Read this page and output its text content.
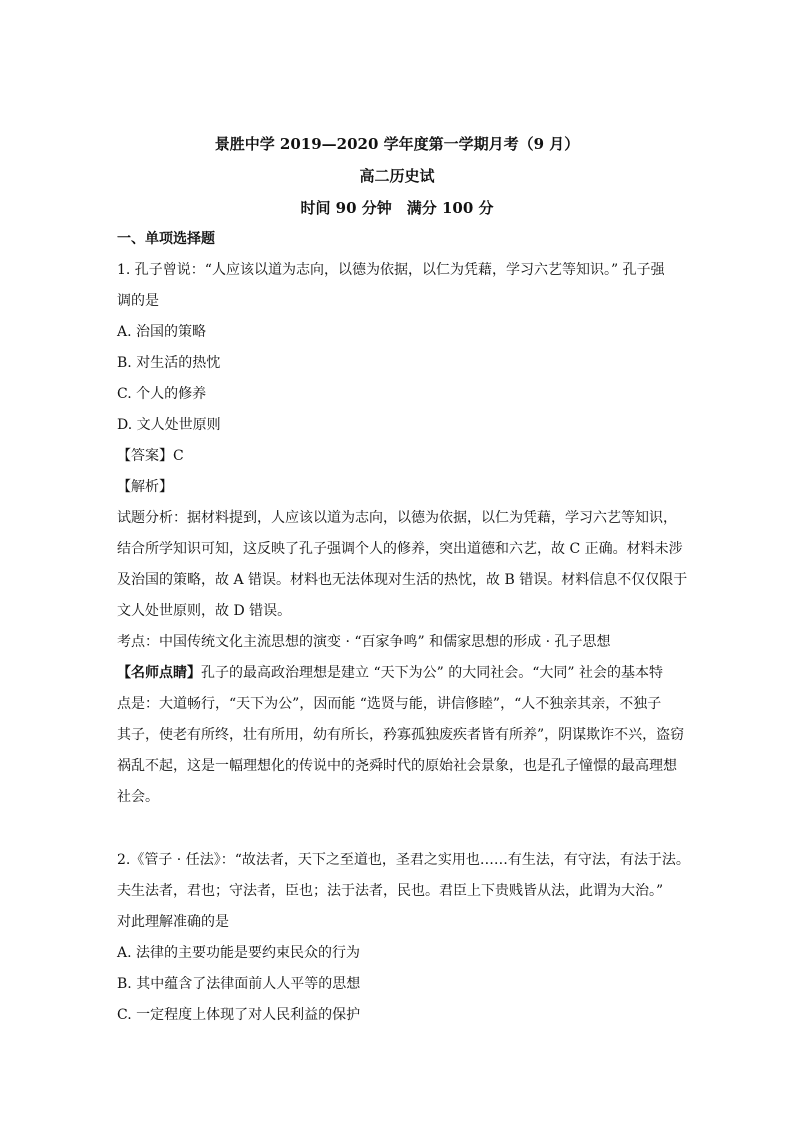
景胜中学 2019—2020 学年度第一学期月考（9 月）
高二历史试
时间 90 分钟　满分 100 分
一、单项选择题
1. 孔子曾说：“人应该以道为志向，以德为依据，以仁为凭藉，学习六艺等知识。” 孔子强
调的是
A. 治国的策略
B. 对生活的热忱
C. 个人的修养
D. 文人处世原则
【答案】C
【解析】
试题分析：据材料提到，人应该以道为志向，以德为依据，以仁为凭藉，学习六艺等知识，
结合所学知识可知，这反映了孔子强调个人的修养，突出道德和六艺，故 C 正确。材料未涉
及治国的策略，故 A 错误。材料也无法体现对生活的热忱，故 B 错误。材料信息不仅仅限于
文人处世原则，故 D 错误。
考点：中国传统文化主流思想的演变 · “百家争鸣” 和儒家思想的形成 · 孔子思想
【名师点睛】孔子的最高政治理想是建立 “天下为公” 的大同社会。“大同” 社会的基本特
点是：大道畅行，“天下为公”，因而能 “选贤与能，讲信修睦”，“人不独亲其亲，不独子
其子，使老有所终，壮有所用，幼有所长，矜寡孤独废疾者皆有所养”，阴谋欺诈不兴，盗窃
祸乱不起，这是一幅理想化的传说中的尧舜时代的原始社会景象，也是孔子憧憬的最高理想
社会。
2.《管子 · 任法》：“故法者，天下之至道也，圣君之实用也……有生法，有守法，有法于法。
夫生法者，君也；守法者，臣也；法于法者，民也。君臣上下贵贱皆从法，此谓为大治。”
对此理解准确的是
A. 法律的主要功能是要约束民众的行为
B. 其中蕴含了法律面前人人平等的思想
C. 一定程度上体现了对人民利益的保护
